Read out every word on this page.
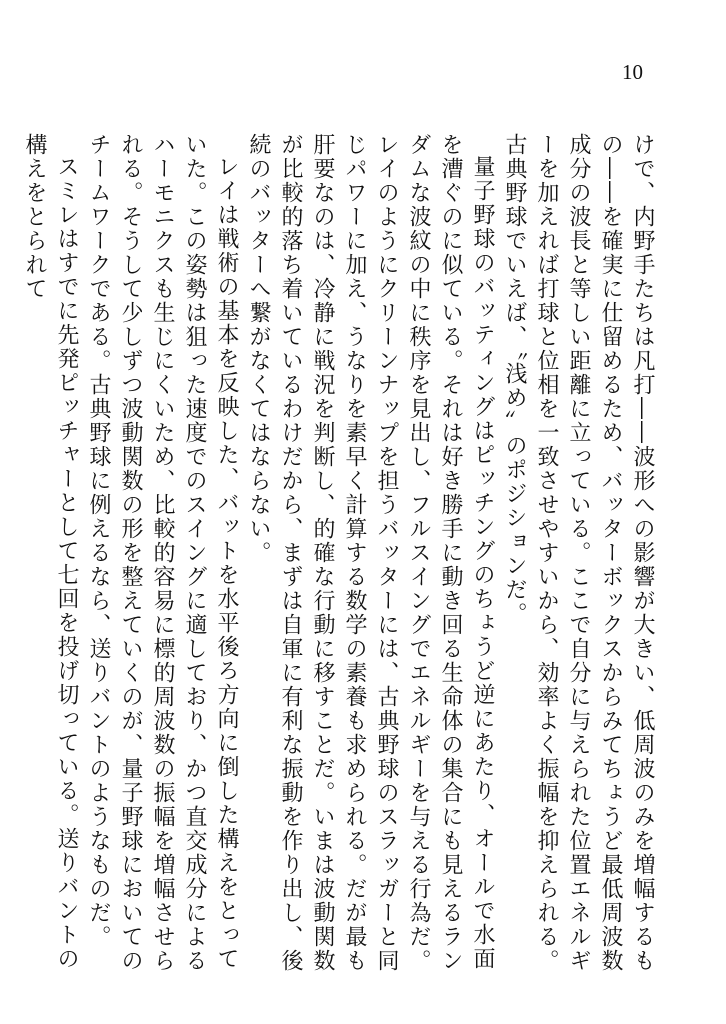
10

けで、内野手たちは凡打――波形への影響が大きい、低周波のみを増幅するもの――を確実に仕留めるため、バッターボックスからみてちょうど最低周波数成分の波長と等しい距離に立っている。ここで自分に与えられた位置エネルギーを加えれば打球と位相を一致させやすいから、効率よく振幅を抑えられる。古典野球でいえば、〝浅め〟のポジションだ。

量子野球のバッティングはピッチングのちょうど逆にあたり、オールで水面を漕ぐのに似ている。それは好き勝手に動き回る生命体の集合にも見えるランダムな波紋の中に秩序を見出し、フルスイングでエネルギーを与える行為だ。レイのようにクリーンナップを担うバッターには、古典野球のスラッガーと同じパワーに加え、うなりを素早く計算する数学の素養も求められる。だが最も肝要なのは、冷静に戦況を判断し、的確な行動に移すことだ。いまは波動関数が比較的落ち着いているわけだから、まずは自軍に有利な振動を作り出し、後続のバッターへ繋がなくてはならない。

レイは戦術の基本を反映した、バットを水平後ろ方向に倒した構えをとっていた。この姿勢は狙った速度でのスイングに適しており、かつ直交成分によるハーモニクスも生じにくいため、比較的容易に標的周波数の振幅を増幅させられる。そうして少しずつ波動関数の形を整えていくのが、量子野球においてのチームワークである。古典野球に例えるなら、送りバントのようなものだ。

スミレはすでに先発ピッチャーとして七回を投げ切っている。送りバントの構えをとられて
